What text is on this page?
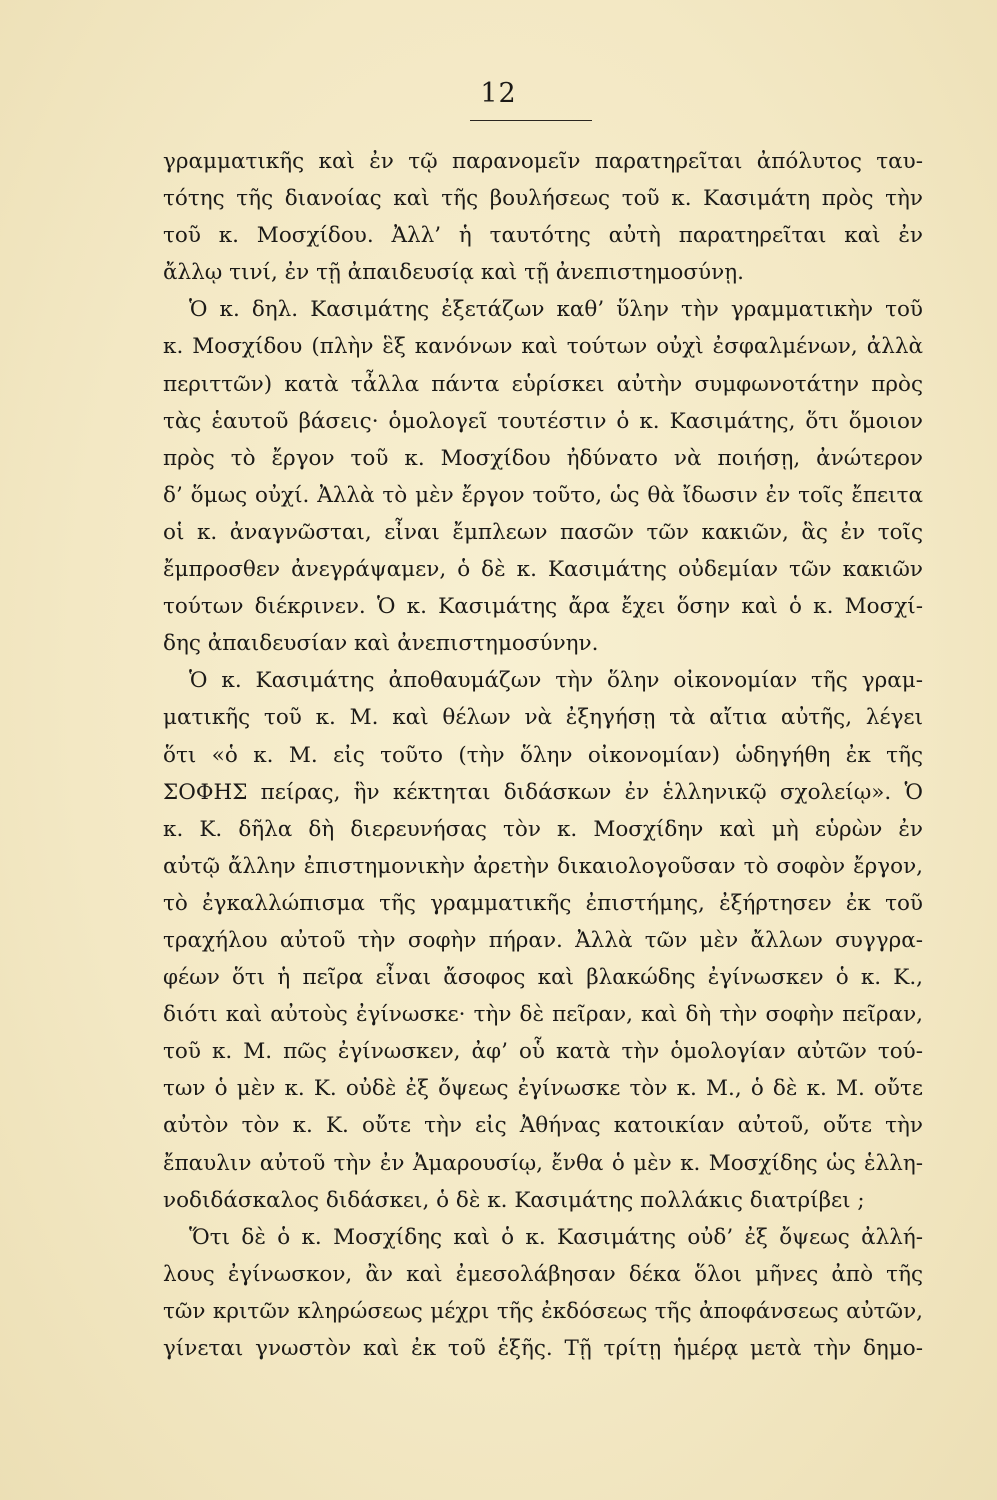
12
γραμματικῆς καὶ ἐν τῷ παρανομεῖν παρατηρεῖται ἀπόλυτος ταυ-
τότης τῆς διανοίας καὶ τῆς βουλήσεως τοῦ κ. Κασιμάτη πρὸς τὴν
τοῦ κ. Μοσχίδου. Ἀλλ’ ἡ ταυτότης αὐτὴ παρατηρεῖται καὶ ἐν
ἄλλῳ τινί, ἐν τῇ ἀπαιδευσίᾳ καὶ τῇ ἀνεπιστημοσύνῃ.
Ὁ κ. δηλ. Κασιμάτης ἐξετάζων καθ’ ὕλην τὴν γραμματικὴν τοῦ
κ. Μοσχίδου (πλὴν ἓξ κανόνων καὶ τούτων οὐχὶ ἐσφαλμένων, ἀλλὰ
περιττῶν) κατὰ τἆλλα πάντα εὑρίσκει αὐτὴν συμφωνοτάτην πρὸς
τὰς ἑαυτοῦ βάσεις· ὁμολογεῖ τουτέστιν ὁ κ. Κασιμάτης, ὅτι ὅμοιον
πρὸς τὸ ἔργον τοῦ κ. Μοσχίδου ἠδύνατο νὰ ποιήσῃ, ἀνώτερον
δ’ ὅμως οὐχί. Ἀλλὰ τὸ μὲν ἔργον τοῦτο, ὡς θὰ ἴδωσιν ἐν τοῖς ἔπειτα
οἱ κ. ἀναγνῶσται, εἶναι ἔμπλεων πασῶν τῶν κακιῶν, ἃς ἐν τοῖς
ἔμπροσθεν ἀνεγράψαμεν, ὁ δὲ κ. Κασιμάτης οὐδεμίαν τῶν κακιῶν
τούτων διέκρινεν. Ὁ κ. Κασιμάτης ἄρα ἔχει ὅσην καὶ ὁ κ. Μοσχί-
δης ἀπαιδευσίαν καὶ ἀνεπιστημοσύνην.
Ὁ κ. Κασιμάτης ἀποθαυμάζων τὴν ὅλην οἰκονομίαν τῆς γραμ-
ματικῆς τοῦ κ. Μ. καὶ θέλων νὰ ἐξηγήσῃ τὰ αἴτια αὐτῆς, λέγει
ὅτι «ὁ κ. Μ. εἰς τοῦτο (τὴν ὅλην οἰκονομίαν) ὡδηγήθη ἐκ τῆς
ΣΟΦΗΣ πείρας, ἣν κέκτηται διδάσκων ἐν ἑλληνικῷ σχολείῳ». Ὁ
κ. Κ. δῆλα δὴ διερευνήσας τὸν κ. Μοσχίδην καὶ μὴ εὑρὼν ἐν
αὐτῷ ἄλλην ἐπιστημονικὴν ἀρετὴν δικαιολογοῦσαν τὸ σοφὸν ἔργον,
τὸ ἐγκαλλώπισμα τῆς γραμματικῆς ἐπιστήμης, ἐξήρτησεν ἐκ τοῦ
τραχήλου αὐτοῦ τὴν σοφὴν πήραν. Ἀλλὰ τῶν μὲν ἄλλων συγγρα-
φέων ὅτι ἡ πεῖρα εἶναι ἄσοφος καὶ βλακώδης ἐγίνωσκεν ὁ κ. Κ.,
διότι καὶ αὐτοὺς ἐγίνωσκε· τὴν δὲ πεῖραν, καὶ δὴ τὴν σοφὴν πεῖραν,
τοῦ κ. Μ. πῶς ἐγίνωσκεν, ἀφ’ οὗ κατὰ τὴν ὁμολογίαν αὐτῶν τού-
των ὁ μὲν κ. Κ. οὐδὲ ἐξ ὄψεως ἐγίνωσκε τὸν κ. Μ., ὁ δὲ κ. Μ. οὔτε
αὐτὸν τὸν κ. Κ. οὔτε τὴν εἰς Ἀθήνας κατοικίαν αὐτοῦ, οὔτε τὴν
ἔπαυλιν αὐτοῦ τὴν ἐν Ἀμαρουσίῳ, ἔνθα ὁ μὲν κ. Μοσχίδης ὡς ἑλλη-
νοδιδάσκαλος διδάσκει, ὁ δὲ κ. Κασιμάτης πολλάκις διατρίβει ;
Ὅτι δὲ ὁ κ. Μοσχίδης καὶ ὁ κ. Κασιμάτης οὐδ’ ἐξ ὄψεως ἀλλή-
λους ἐγίνωσκον, ἂν καὶ ἐμεσολάβησαν δέκα ὅλοι μῆνες ἀπὸ τῆς
τῶν κριτῶν κληρώσεως μέχρι τῆς ἐκδόσεως τῆς ἀποφάνσεως αὐτῶν,
γίνεται γνωστὸν καὶ ἐκ τοῦ ἑξῆς. Τῇ τρίτῃ ἡμέρᾳ μετὰ τὴν δημο-
